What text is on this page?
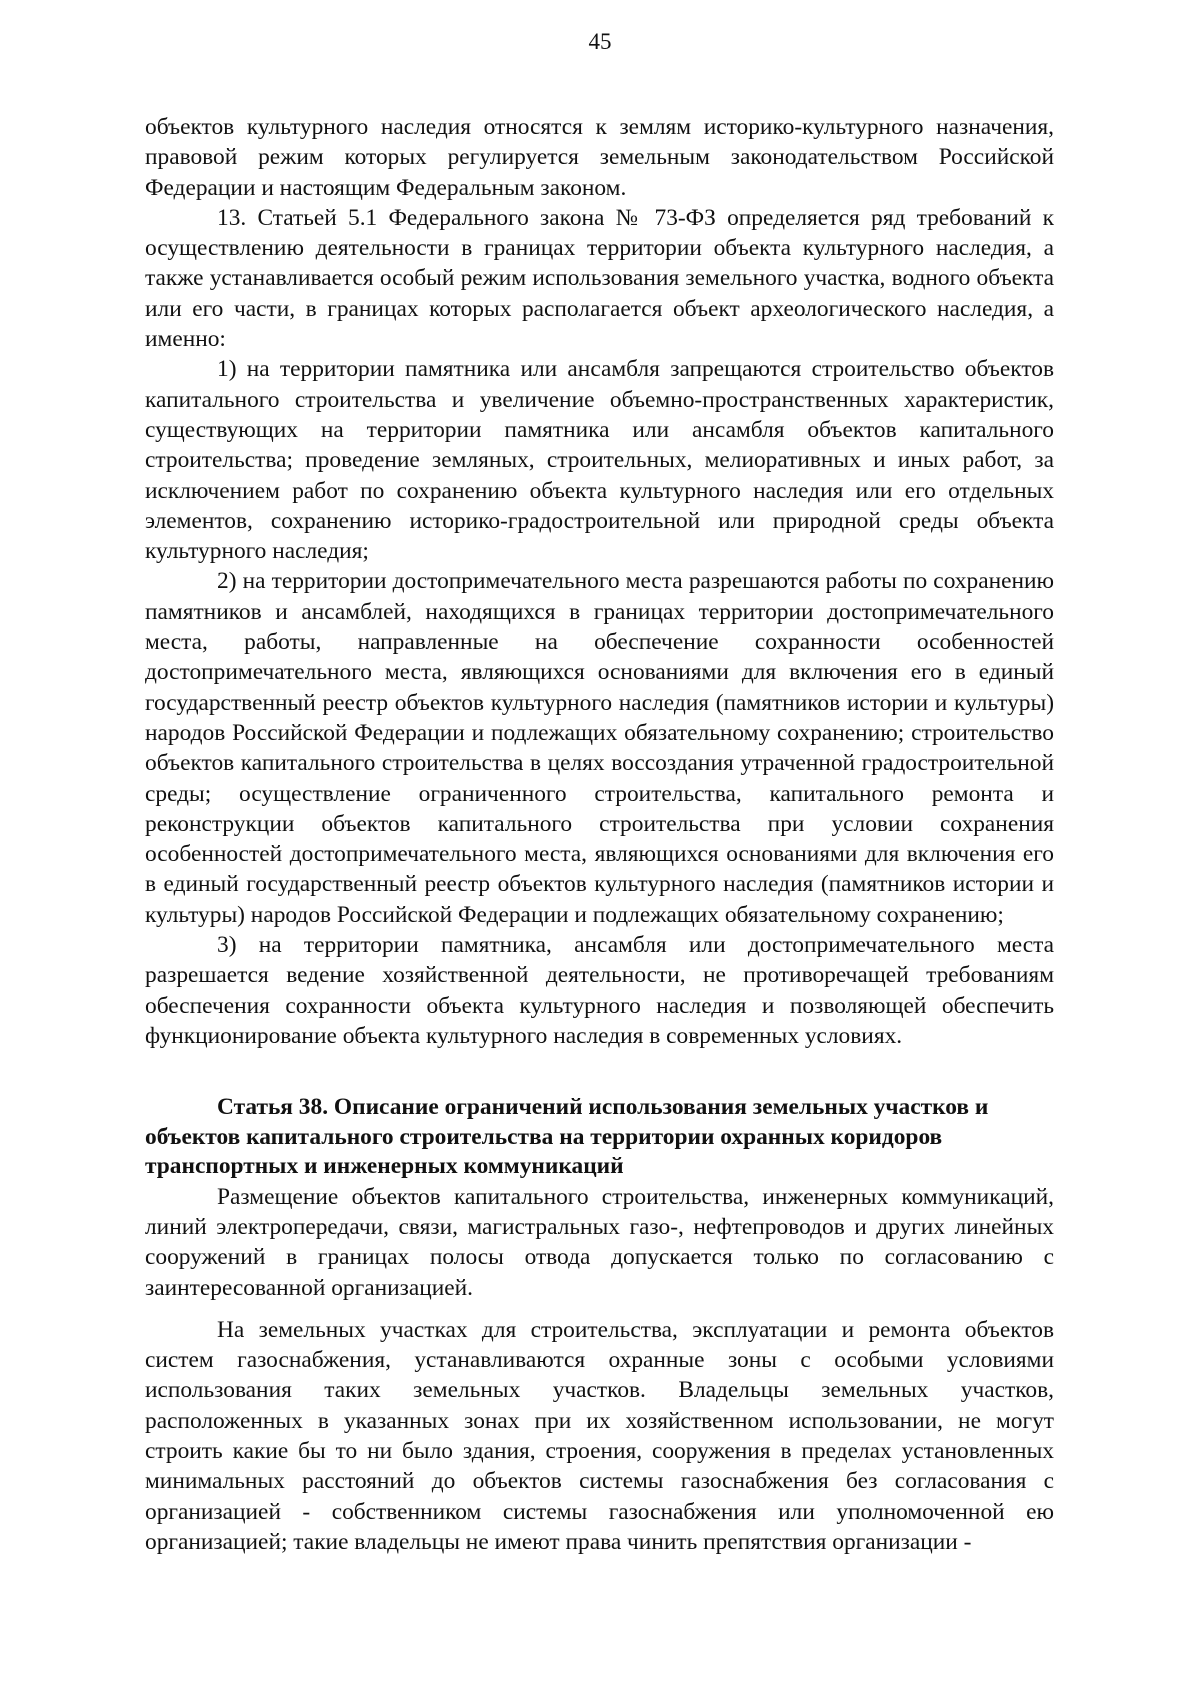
45

объектов культурного наследия относятся к землям историко-культурного назначения, правовой режим которых регулируется земельным законодательством Российской Федерации и настоящим Федеральным законом.

13. Статьей 5.1 Федерального закона № 73-ФЗ определяется ряд требований к осуществлению деятельности в границах территории объекта культурного наследия, а также устанавливается особый режим использования земельного участка, водного объекта или его части, в границах которых располагается объект археологического наследия, а именно:

1) на территории памятника или ансамбля запрещаются строительство объектов капитального строительства и увеличение объемно-пространственных характеристик, существующих на территории памятника или ансамбля объектов капитального строительства; проведение земляных, строительных, мелиоративных и иных работ, за исключением работ по сохранению объекта культурного наследия или его отдельных элементов, сохранению историко-градостроительной или природной среды объекта культурного наследия;

2) на территории достопримечательного места разрешаются работы по сохранению памятников и ансамблей, находящихся в границах территории достопримечательного места, работы, направленные на обеспечение сохранности особенностей достопримечательного места, являющихся основаниями для включения его в единый государственный реестр объектов культурного наследия (памятников истории и культуры) народов Российской Федерации и подлежащих обязательному сохранению; строительство объектов капитального строительства в целях воссоздания утраченной градостроительной среды; осуществление ограниченного строительства, капитального ремонта и реконструкции объектов капитального строительства при условии сохранения особенностей достопримечательного места, являющихся основаниями для включения его в единый государственный реестр объектов культурного наследия (памятников истории и культуры) народов Российской Федерации и подлежащих обязательному сохранению;

3) на территории памятника, ансамбля или достопримечательного места разрешается ведение хозяйственной деятельности, не противоречащей требованиям обеспечения сохранности объекта культурного наследия и позволяющей обеспечить функционирование объекта культурного наследия в современных условиях.

Статья 38. Описание ограничений использования земельных участков и объектов капитального строительства на территории охранных коридоров транспортных и инженерных коммуникаций

Размещение объектов капитального строительства, инженерных коммуникаций, линий электропередачи, связи, магистральных газо-, нефтепроводов и других линейных сооружений в границах полосы отвода допускается только по согласованию с заинтересованной организацией.

На земельных участках для строительства, эксплуатации и ремонта объектов систем газоснабжения, устанавливаются охранные зоны с особыми условиями использования таких земельных участков. Владельцы земельных участков, расположенных в указанных зонах при их хозяйственном использовании, не могут строить какие бы то ни было здания, строения, сооружения в пределах установленных минимальных расстояний до объектов системы газоснабжения без согласования с организацией - собственником системы газоснабжения или уполномоченной ею организацией; такие владельцы не имеют права чинить препятствия организации -
